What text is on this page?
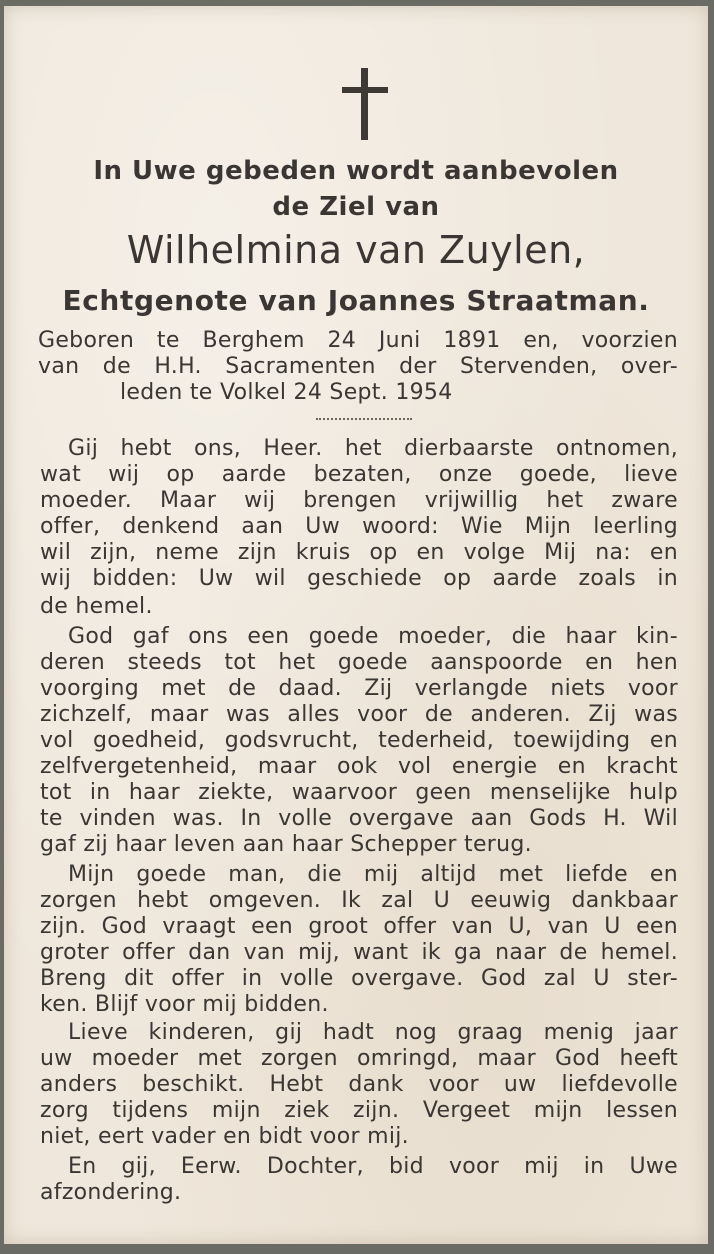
In Uwe gebeden wordt aanbevolen
de Ziel van
Wilhelmina van Zuylen,
Echtgenote van Joannes Straatman.
Geboren te Berghem 24 Juni 1891 en, voorzien
van de H.H. Sacramenten der Stervenden, over-
leden te Volkel 24 Sept. 1954
Gij hebt ons, Heer. het dierbaarste ontnomen,
wat wij op aarde bezaten, onze goede, lieve
moeder. Maar wij brengen vrijwillig het zware
offer, denkend aan Uw woord: Wie Mijn leerling
wil zijn, neme zijn kruis op en volge Mij na: en
wij bidden: Uw wil geschiede op aarde zoals in
de hemel.
God gaf ons een goede moeder, die haar kin-
deren steeds tot het goede aanspoorde en hen
voorging met de daad. Zij verlangde niets voor
zichzelf, maar was alles voor de anderen. Zij was
vol goedheid, godsvrucht, tederheid, toewijding en
zelfvergetenheid, maar ook vol energie en kracht
tot in haar ziekte, waarvoor geen menselijke hulp
te vinden was. In volle overgave aan Gods H. Wil
gaf zij haar leven aan haar Schepper terug.
Mijn goede man, die mij altijd met liefde en
zorgen hebt omgeven. Ik zal U eeuwig dankbaar
zijn. God vraagt een groot offer van U, van U een
groter offer dan van mij, want ik ga naar de hemel.
Breng dit offer in volle overgave. God zal U ster-
ken. Blijf voor mij bidden.
Lieve kinderen, gij hadt nog graag menig jaar
uw moeder met zorgen omringd, maar God heeft
anders beschikt. Hebt dank voor uw liefdevolle
zorg tijdens mijn ziek zijn. Vergeet mijn lessen
niet, eert vader en bidt voor mij.
En gij, Eerw. Dochter, bid voor mij in Uwe
afzondering.
